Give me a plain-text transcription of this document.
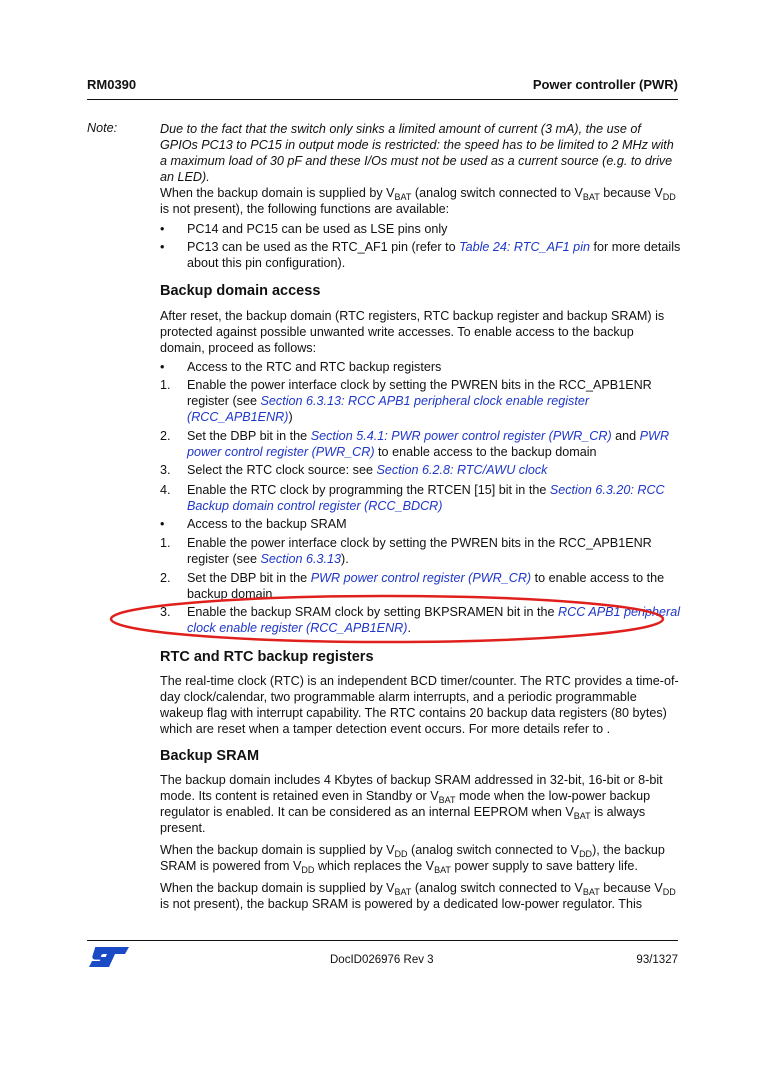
RM0390	Power controller (PWR)
Note:	Due to the fact that the switch only sinks a limited amount of current (3 mA), the use of GPIOs PC13 to PC15 in output mode is restricted: the speed has to be limited to 2 MHz with a maximum load of 30 pF and these I/Os must not be used as a current source (e.g. to drive an LED).

When the backup domain is supplied by $V_{BAT}$ (analog switch connected to $V_{BAT}$ because $V_{DD}$ is not present), the following functions are available:

• PC14 and PC15 can be used as LSE pins only
• PC13 can be used as the RTC_AF1 pin (refer to Table 24: RTC_AF1 pin for more details about this pin configuration).
Backup domain access

After reset, the backup domain (RTC registers, RTC backup register and backup SRAM) is protected against possible unwanted write accesses. To enable access to the backup domain, proceed as follows:

• Access to the RTC and RTC backup registers
1. Enable the power interface clock by setting the PWREN bits in the RCC_APB1ENR register (see Section 6.3.13: RCC APB1 peripheral clock enable register (RCC_APB1ENR))
2. Set the DBP bit in the Section 5.4.1: PWR power control register (PWR_CR) and PWR power control register (PWR_CR) to enable access to the backup domain
3. Select the RTC clock source: see Section 6.2.8: RTC/AWU clock
4. Enable the RTC clock by programming the RTCEN [15] bit in the Section 6.3.20: RCC Backup domain control register (RCC_BDCR)
• Access to the backup SRAM
1. Enable the power interface clock by setting the PWREN bits in the RCC_APB1ENR register (see Section 6.3.13).
2. Set the DBP bit in the PWR power control register (PWR_CR) to enable access to the backup domain
3. Enable the backup SRAM clock by setting BKPSRAMEN bit in the RCC APB1 peripheral clock enable register (RCC_APB1ENR).
RTC and RTC backup registers

The real-time clock (RTC) is an independent BCD timer/counter. The RTC provides a time-of-day clock/calendar, two programmable alarm interrupts, and a periodic programmable wakeup flag with interrupt capability. The RTC contains 20 backup data registers (80 bytes) which are reset when a tamper detection event occurs. For more details refer to .

Backup SRAM

The backup domain includes 4 Kbytes of backup SRAM addressed in 32-bit, 16-bit or 8-bit mode. Its content is retained even in Standby or $V_{BAT}$ mode when the low-power backup regulator is enabled. It can be considered as an internal EEPROM when $V_{BAT}$ is always present.

When the backup domain is supplied by $V_{DD}$ (analog switch connected to $V_{DD}$), the backup SRAM is powered from $V_{DD}$ which replaces the $V_{BAT}$ power supply to save battery life.

When the backup domain is supplied by $V_{BAT}$ (analog switch connected to $V_{BAT}$ because $V_{DD}$ is not present), the backup SRAM is powered by a dedicated low-power regulator. This

DocID026976 Rev 3	93/1327
